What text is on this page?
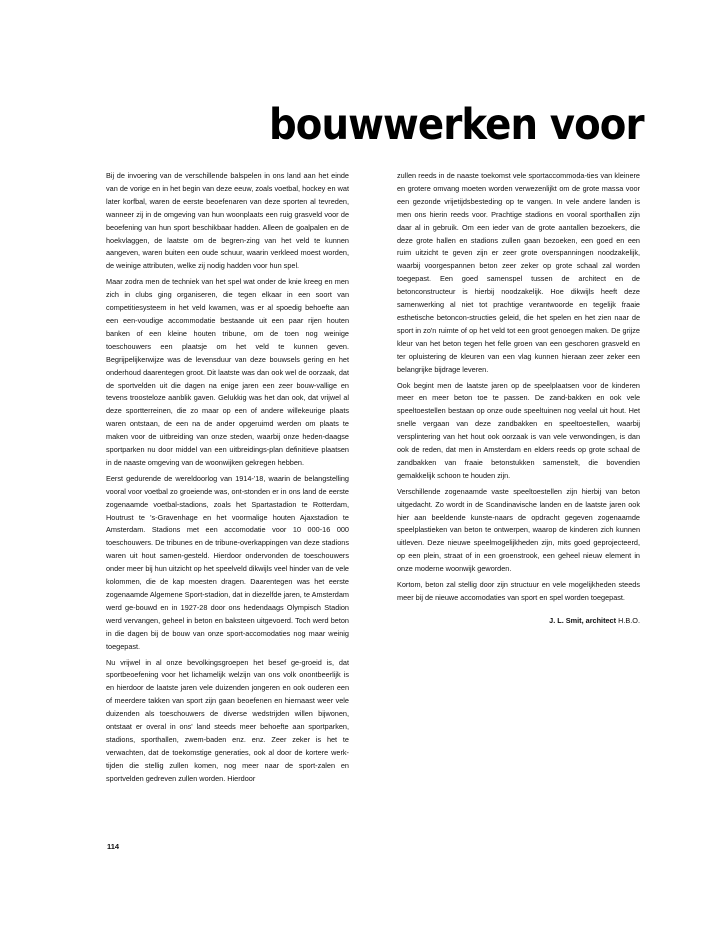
bouwwerken voor

Bij de invoering van de verschillende balspelen in ons land aan het einde van de vorige en in het begin van deze eeuw, zoals voetbal, hockey en wat later korfbal, waren de eerste beoefenaren van deze sporten al tevreden, wanneer zij in de omgeving van hun woonplaats een ruig grasveld voor de beoefening van hun sport beschikbaar hadden. Alleen de goalpalen en de hoekvlaggen, de laatste om de begren-zing van het veld te kunnen aangeven, waren buiten een oude schuur, waarin verkleed moest worden, de weinige attributen, welke zij nodig hadden voor hun spel.

Maar zodra men de techniek van het spel wat onder de knie kreeg en men zich in clubs ging organiseren, die tegen elkaar in een soort van competitiesysteem in het veld kwamen, was er al spoedig behoefte aan een een-voudige accommodatie bestaande uit een paar rijen houten banken of een kleine houten tribune, om de toen nog weinige toeschouwers een plaatsje om het veld te kunnen geven. Begrijpelijkerwijze was de levensduur van deze bouwsels gering en het onderhoud daarentegen groot. Dit laatste was dan ook wel de oorzaak, dat de sportvelden uit die dagen na enige jaren een zeer bouw-vallige en tevens troosteloze aanblik gaven. Gelukkig was het dan ook, dat vrijwel al deze sportterreinen, die zo maar op een of andere willekeurige plaats waren ontstaan, de een na de ander opgeruimd werden om plaats te maken voor de uitbreiding van onze steden, waarbij onze heden-daagse sportparken nu door middel van een uitbreidings-plan definitieve plaatsen in de naaste omgeving van de woonwijken gekregen hebben.

Eerst gedurende de wereldoorlog van 1914-'18, waarin de belangstelling vooral voor voetbal zo groeiende was, ont-stonden er in ons land de eerste zogenaamde voetbal-stadions, zoals het Spartastadion te Rotterdam, Houtrust te 's-Gravenhage en het voormalige houten Ajaxstadion te Amsterdam. Stadions met een accomodatie voor 10 000-16 000 toeschouwers. De tribunes en de tribune-overkappingen van deze stadions waren uit hout samen-gesteld. Hierdoor ondervonden de toeschouwers onder meer bij hun uitzicht op het speelveld dikwijls veel hinder van de vele kolommen, die de kap moesten dragen. Daarentegen was het eerste zogenaamde Algemene Sport-stadion, dat in diezelfde jaren, te Amsterdam werd ge-bouwd en in 1927-28 door ons hedendaags Olympisch Stadion werd vervangen, geheel in beton en baksteen uitgevoerd. Toch werd beton in die dagen bij de bouw van onze sport-accomodaties nog maar weinig toegepast.

Nu vrijwel in al onze bevolkingsgroepen het besef ge-groeid is, dat sportbeoefening voor het lichamelijk welzijn van ons volk onontbeerlijk is en hierdoor de laatste jaren vele duizenden jongeren en ook ouderen een of meerdere takken van sport zijn gaan beoefenen en hiernaast weer vele duizenden als toeschouwers de diverse wedstrijden willen bijwonen, ontstaat er overal in ons' land steeds meer behoefte aan sportparken, stadions, sporthallen, zwem-baden enz. enz. Zeer zeker is het te verwachten, dat de toekomstige generaties, ook al door de kortere werk-tijden die stellig zullen komen, nog meer naar de sport-zalen en sportvelden gedreven zullen worden. Hierdoor

zullen reeds in de naaste toekomst vele sportaccommoda-ties van kleinere en grotere omvang moeten worden verwezenlijkt om de grote massa voor een gezonde vrijetijdsbesteding op te vangen. In vele andere landen is men ons hierin reeds voor. Prachtige stadions en vooral sporthallen zijn daar al in gebruik. Om een ieder van de grote aantallen bezoekers, die deze grote hallen en stadions zullen gaan bezoeken, een goed en een ruim uitzicht te geven zijn er zeer grote overspanningen noodzakelijk, waarbij voorgespannen beton zeer zeker op grote schaal zal worden toegepast. Een goed samenspel tussen de architect en de betonconstructeur is hierbij noodzakelijk. Hoe dikwijls heeft deze samenwerking al niet tot prachtige verantwoorde en tegelijk fraaie esthetische betoncon-structies geleid, die het spelen en het zien naar de sport in zo'n ruimte of op het veld tot een groot genoegen maken. De grijze kleur van het beton tegen het felle groen van een geschoren grasveld en ter opluistering de kleuren van een vlag kunnen hieraan zeer zeker een belangrijke bijdrage leveren.

Ook begint men de laatste jaren op de speelplaatsen voor de kinderen meer en meer beton toe te passen. De zand-bakken en ook vele speeltoestellen bestaan op onze oude speeltuinen nog veelal uit hout. Het snelle vergaan van deze zandbakken en speeltoestellen, waarbij versplintering van het hout ook oorzaak is van vele verwondingen, is dan ook de reden, dat men in Amsterdam en elders reeds op grote schaal de zandbakken van fraaie betonstukken samenstelt, die bovendien gemakkelijk schoon te houden zijn.

Verschillende zogenaamde vaste speeltoestellen zijn hierbij van beton uitgedacht. Zo wordt in de Scandinavische landen en de laatste jaren ook hier aan beeldende kunste-naars de opdracht gegeven zogenaamde speelplastieken van beton te ontwerpen, waarop de kinderen zich kunnen uitleven. Deze nieuwe speelmogelijkheden zijn, mits goed geprojecteerd, op een plein, straat of in een groenstrook, een geheel nieuw element in onze moderne woonwijk geworden.

Kortom, beton zal stellig door zijn structuur en vele mogelijkheden steeds meer bij de nieuwe accomodaties van sport en spel worden toegepast.

J. L. Smit, architect H.B.O.
114
